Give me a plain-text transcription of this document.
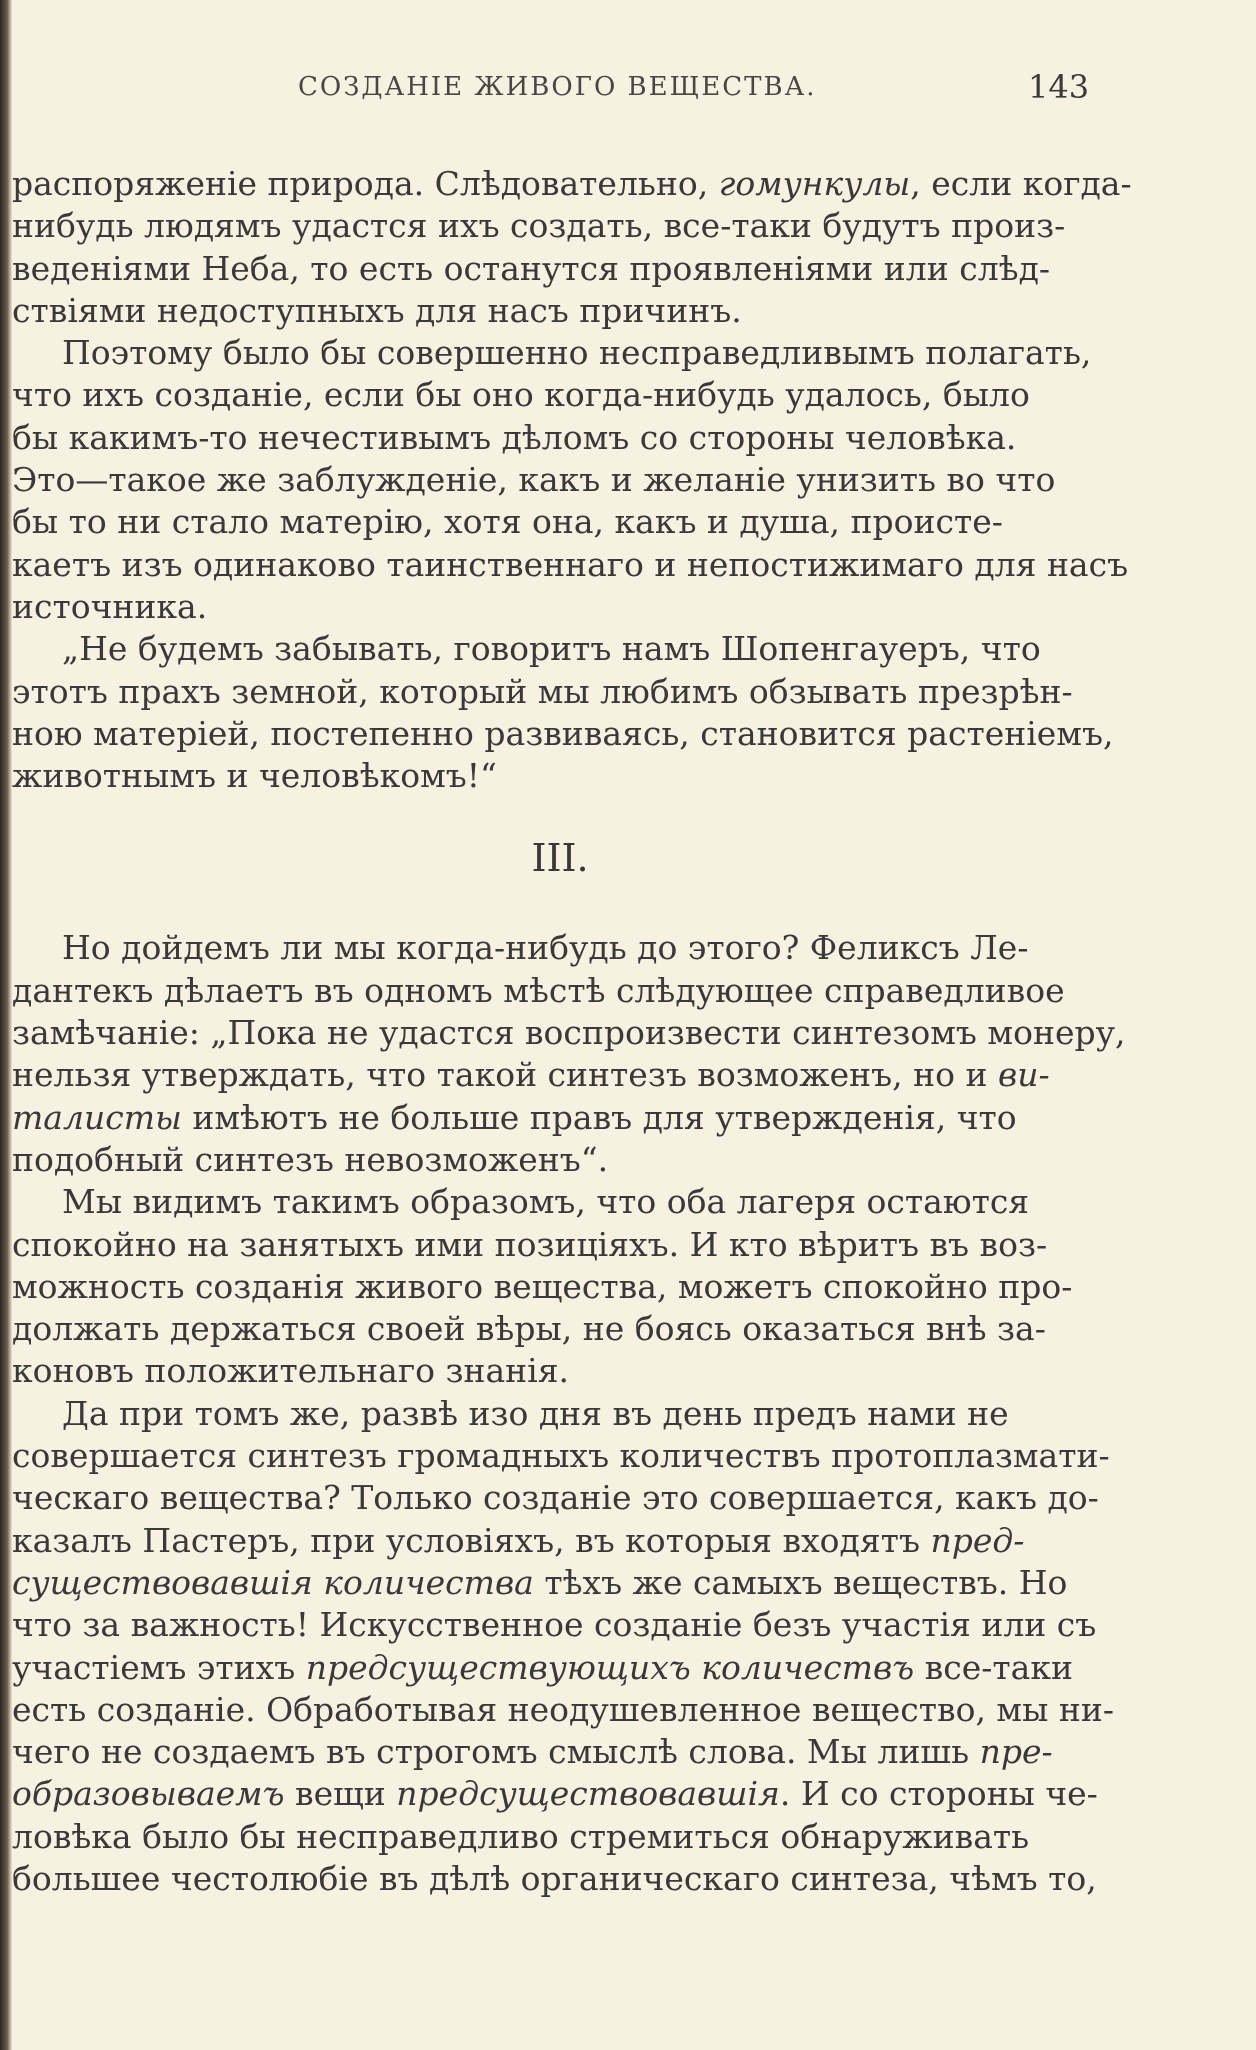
СОЗДАНІЕ ЖИВОГО ВЕЩЕСТВА.	143
распоряженіе природа. Слѣдовательно, гомункулы, если когда-
нибудь людямъ удастся ихъ создать, все-таки будутъ произ-
веденіями Неба, то есть останутся проявленіями или слѣд-
ствіями недоступныхъ для насъ причинъ.
Поэтому было бы совершенно несправедливымъ полагать,
что ихъ созданіе, если бы оно когда-нибудь удалось, было
бы какимъ-то нечестивымъ дѣломъ со стороны человѣка.
Это—такое же заблужденіе, какъ и желаніе унизить во что
бы то ни стало матерію, хотя она, какъ и душа, происте-
каетъ изъ одинаково таинственнаго и непостижимаго для насъ
источника.
„Не будемъ забывать, говоритъ намъ Шопенгауеръ, что
этотъ прахъ земной, который мы любимъ обзывать презрѣн-
ною матеріей, постепенно развиваясь, становится растеніемъ,
животнымъ и человѣкомъ!“
III.
Но дойдемъ ли мы когда-нибудь до этого? Феликсъ Ле-
дантекъ дѣлаетъ въ одномъ мѣстѣ слѣдующее справедливое
замѣчаніе: „Пока не удастся воспроизвести синтезомъ монеру,
нельзя утверждать, что такой синтезъ возможенъ, но и ви-
талисты имѣютъ не больше правъ для утвержденія, что
подобный синтезъ невозможенъ“.
Мы видимъ такимъ образомъ, что оба лагеря остаются
спокойно на занятыхъ ими позиціяхъ. И кто вѣритъ въ воз-
можность созданія живого вещества, можетъ спокойно про-
должать держаться своей вѣры, не боясь оказаться внѣ за-
коновъ положительнаго знанія.
Да при томъ же, развѣ изо дня въ день предъ нами не
совершается синтезъ громадныхъ количествъ протоплазмати-
ческаго вещества? Только созданіе это совершается, какъ до-
казалъ Пастеръ, при условіяхъ, въ которыя входятъ пред-
существовавшія количества тѣхъ же самыхъ веществъ. Но
что за важность! Искусственное созданіе безъ участія или съ
участіемъ этихъ предсуществующихъ количествъ все-таки
есть созданіе. Обработывая неодушевленное вещество, мы ни-
чего не создаемъ въ строгомъ смыслѣ слова. Мы лишь пре-
образовываемъ вещи предсуществовавшія. И со стороны че-
ловѣка было бы несправедливо стремиться обнаруживать
большее честолюбіе въ дѣлѣ органическаго синтеза, чѣмъ то,
